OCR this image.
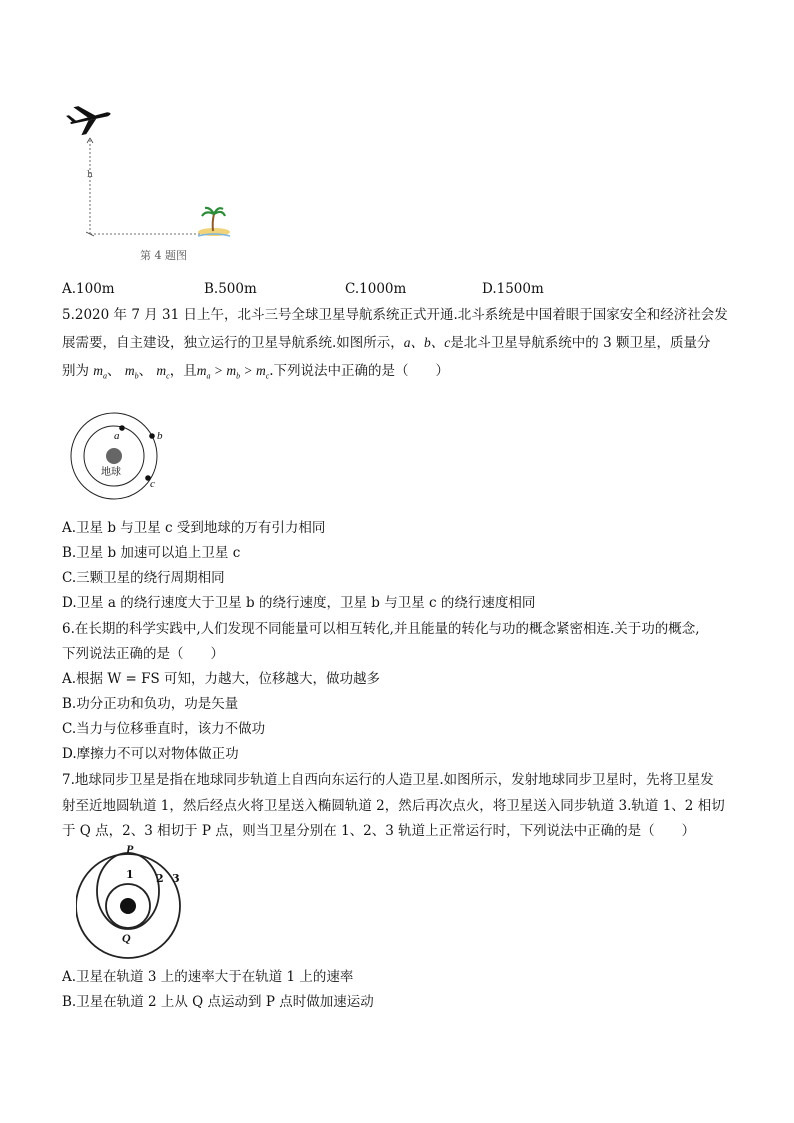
h
第 4 题图
A.100m	B.500m	C.1000m	D.1500m
5.2020 年 7 月 31 日上午，北斗三号全球卫星导航系统正式开通.北斗系统是中国着眼于国家安全和经济社会发
展需要，自主建设，独立运行的卫星导航系统.如图所示，a、b、c是北斗卫星导航系统中的 3 颗卫星，质量分
别为 $m_a$、 $m_b$、 $m_c$，且$m_a > m_b > m_c$.下列说法中正确的是（　　）
a	b
c
地球
A.卫星 b 与卫星 c 受到地球的万有引力相同
B.卫星 b 加速可以追上卫星 c
C.三颗卫星的绕行周期相同
D.卫星 a 的绕行速度大于卫星 b 的绕行速度，卫星 b 与卫星 c 的绕行速度相同
6.在长期的科学实践中,人们发现不同能量可以相互转化,并且能量的转化与功的概念紧密相连.关于功的概念,
下列说法正确的是（　　）
A.根据 W = FS 可知，力越大，位移越大，做功越多
B.功分正功和负功，功是矢量
C.当力与位移垂直时，该力不做功
D.摩擦力不可以对物体做正功
7.地球同步卫星是指在地球同步轨道上自西向东运行的人造卫星.如图所示，发射地球同步卫星时，先将卫星发
射至近地圆轨道 1，然后经点火将卫星送入椭圆轨道 2，然后再次点火，将卫星送入同步轨道 3.轨道 1、2 相切
于 Q 点，2、3 相切于 P 点，则当卫星分别在 1、2、3 轨道上正常运行时，下列说法中正确的是（　　）
P
Q
1 2 3
A.卫星在轨道 3 上的速率大于在轨道 1 上的速率
B.卫星在轨道 2 上从 Q 点运动到 P 点时做加速运动
